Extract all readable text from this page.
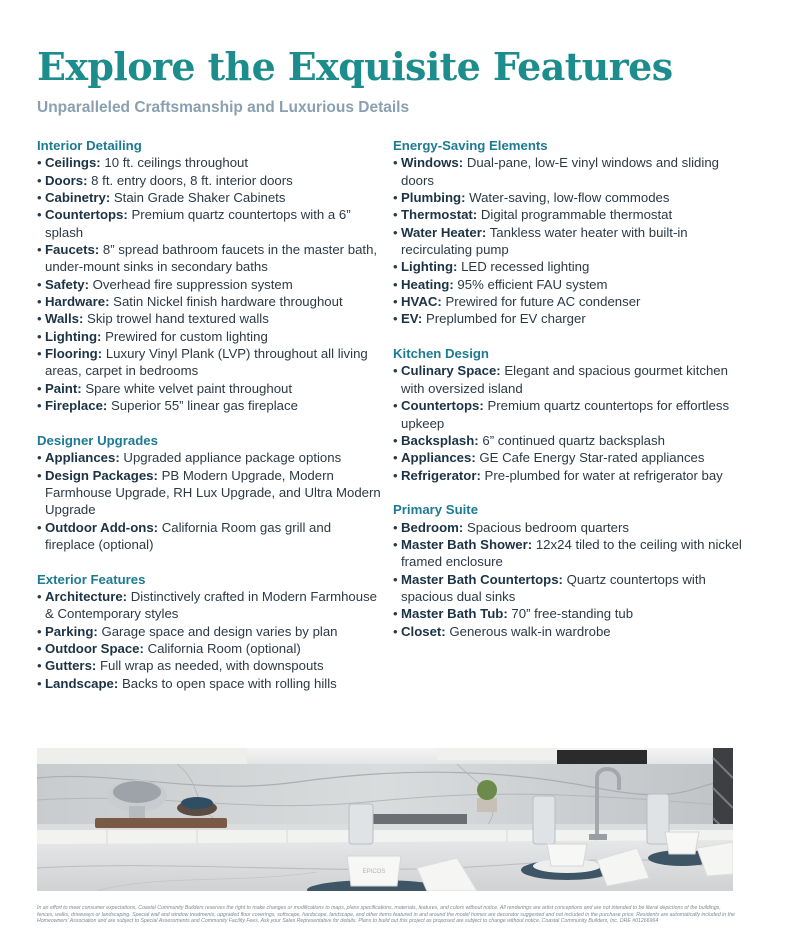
Explore the Exquisite Features
Unparalleled Craftsmanship and Luxurious Details
Interior Detailing
• Ceilings: 10 ft. ceilings throughout
• Doors: 8 ft. entry doors, 8 ft. interior doors
• Cabinetry: Stain Grade Shaker Cabinets
• Countertops: Premium quartz countertops with a 6” splash
• Faucets: 8” spread bathroom faucets in the master bath, under-mount sinks in secondary baths
• Safety: Overhead fire suppression system
• Hardware: Satin Nickel finish hardware throughout
• Walls: Skip trowel hand textured walls
• Lighting: Prewired for custom lighting
• Flooring: Luxury Vinyl Plank (LVP) throughout all living areas, carpet in bedrooms
• Paint: Spare white velvet paint throughout
• Fireplace: Superior 55” linear gas fireplace
Designer Upgrades
• Appliances: Upgraded appliance package options
• Design Packages: PB Modern Upgrade, Modern Farmhouse Upgrade, RH Lux Upgrade, and Ultra Modern Upgrade
• Outdoor Add-ons: California Room gas grill and fireplace (optional)
Exterior Features
• Architecture: Distinctively crafted in Modern Farmhouse & Contemporary styles
• Parking: Garage space and design varies by plan
• Outdoor Space: California Room (optional)
• Gutters: Full wrap as needed, with downspouts
• Landscape: Backs to open space with rolling hills
Energy-Saving Elements
• Windows: Dual-pane, low-E vinyl windows and sliding doors
• Plumbing: Water-saving, low-flow commodes
• Thermostat: Digital programmable thermostat
• Water Heater: Tankless water heater with built-in recirculating pump
• Lighting: LED recessed lighting
• Heating: 95% efficient FAU system
• HVAC: Prewired for future AC condenser
• EV: Preplumbed for EV charger
Kitchen Design
• Culinary Space: Elegant and spacious gourmet kitchen with oversized island
• Countertops: Premium quartz countertops for effortless upkeep
• Backsplash: 6” continued quartz backsplash
• Appliances: GE Cafe Energy Star-rated appliances
• Refrigerator: Pre-plumbed for water at refrigerator bay
Primary Suite
• Bedroom: Spacious bedroom quarters
• Master Bath Shower: 12x24 tiled to the ceiling with nickel framed enclosure
• Master Bath Countertops: Quartz countertops with spacious dual sinks
• Master Bath Tub: 70” free-standing tub
• Closet: Generous walk-in wardrobe
EPICOS
In an effort to meet consumer expectations, Coastal Community Builders reserves the right to make changes or modifications to maps, plans specifications, materials, features, and colors without notice. All renderings are artist conceptions and are not intended to be literal depictions of the buildings, fences, walks, driveways or landscaping. Special wall and window treatments, upgraded floor coverings, softscape, hardscape, landscape, and other items featured in and around the model homes are decorator suggested and not included in the purchase price. Residents are automatically included in the Homeowners' Association and are subject to Special Assessments and Community Facility Fees. Ask your Sales Representative for details. Plans to build out this project as proposed are subject to change without notice. Coastal Community Builders, Inc. DRE #01266964
